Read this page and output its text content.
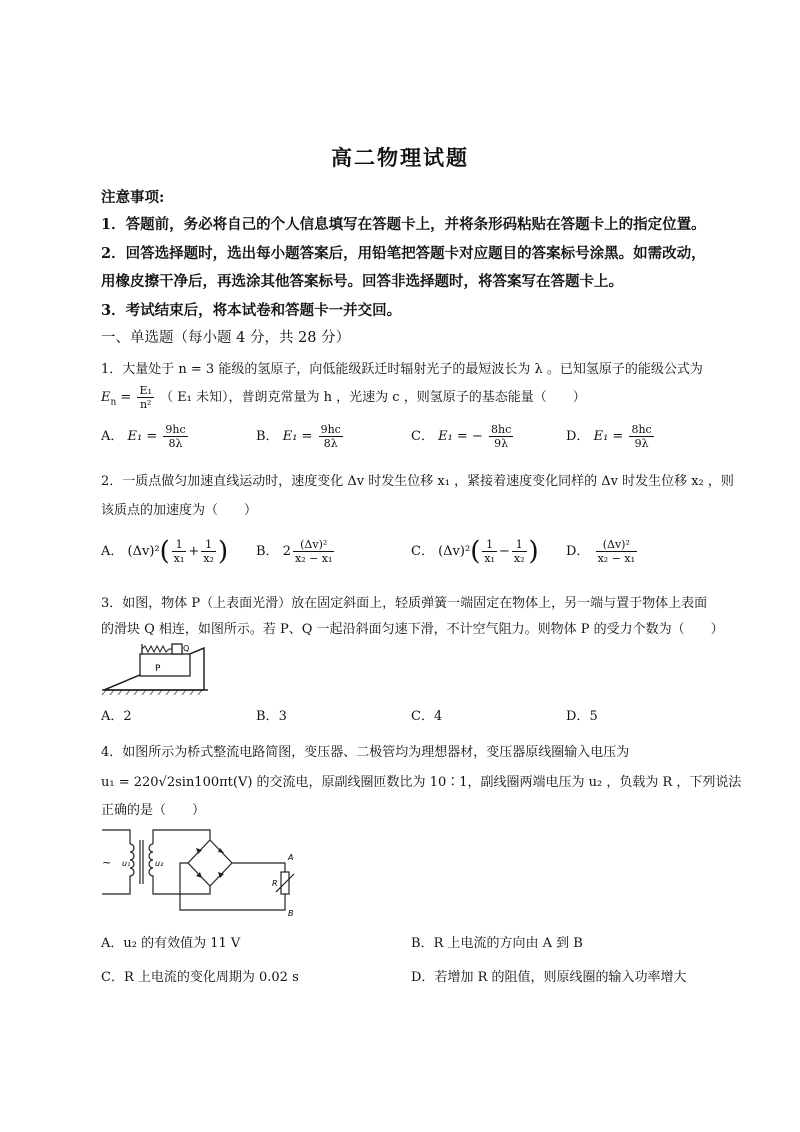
高二物理试题
注意事项:
1．答题前，务必将自己的个人信息填写在答题卡上，并将条形码粘贴在答题卡上的指定位置。
2．回答选择题时，选出每小题答案后，用铅笔把答题卡对应题目的答案标号涂黑。如需改动，
用橡皮擦干净后，再选涂其他答案标号。回答非选择题时，将答案写在答题卡上。
3．考试结束后，将本试卷和答题卡一并交回。
一、单选题（每小题 4 分，共 28 分）
1．大量处于 n = 3 能级的氢原子，向低能级跃迁时辐射光子的最短波长为 λ 。已知氢原子的能级公式为
$E_n = \frac{\text{E₁}}{\text{n²}}$ （ E₁ 未知），普朗克常量为 h ，光速为 c ，则氢原子的基态能量（　　）
A． $E_1 = \frac{9hc}{8\lambda}$	B． $E_1 = \frac{9hc}{8\lambda}$	C． E₁ = − $\frac{8hc}{9\lambda}$	D． $E_1 = \frac{8hc}{9\lambda}$
2．一质点做匀加速直线运动时，速度变化 Δv 时发生位移 x₁ ，紧接着速度变化同样的 Δv 时发生位移 x₂ ，则
该质点的加速度为（　　）
A． $(\Delta v)^2( \frac{1}{\text{x₁}} + \frac{1}{\text{x₂}}$ ) B． $2 \frac{\text{(Δv)²}}{\text{x₂ − x₁}}$	C． $(\Delta v)^2( \frac{1}{\text{x₁}} - \frac{1}{\text{x₂}}$ ) D． $\frac{\text{(Δv)²}}{\text{x₂ − x₁}}$
3．如图，物体 P（上表面光滑）放在固定斜面上，轻质弹簧一端固定在物体上，另一端与置于物体上表面
的滑块 Q 相连，如图所示。若 P、Q 一起沿斜面匀速下滑，不计空气阻力。则物体 P 的受力个数为（　　）
P
Q
A．2	B．3	C．4	D．5
4．如图所示为桥式整流电路简图，变压器、二极管均为理想器材，变压器原线圈输入电压为
u₁ = 220√2sin100πt(V) 的交流电，原副线圈匝数比为 10∶1，副线圈两端电压为 u₂ ，负载为 R ，下列说法
正确的是（　　）
~ u₁	u₂
R
A
B
A．u₂ 的有效值为 11 V	B．R 上电流的方向由 A 到 B
C．R 上电流的变化周期为 0.02 s	D．若增加 R 的阻值，则原线圈的输入功率增大
